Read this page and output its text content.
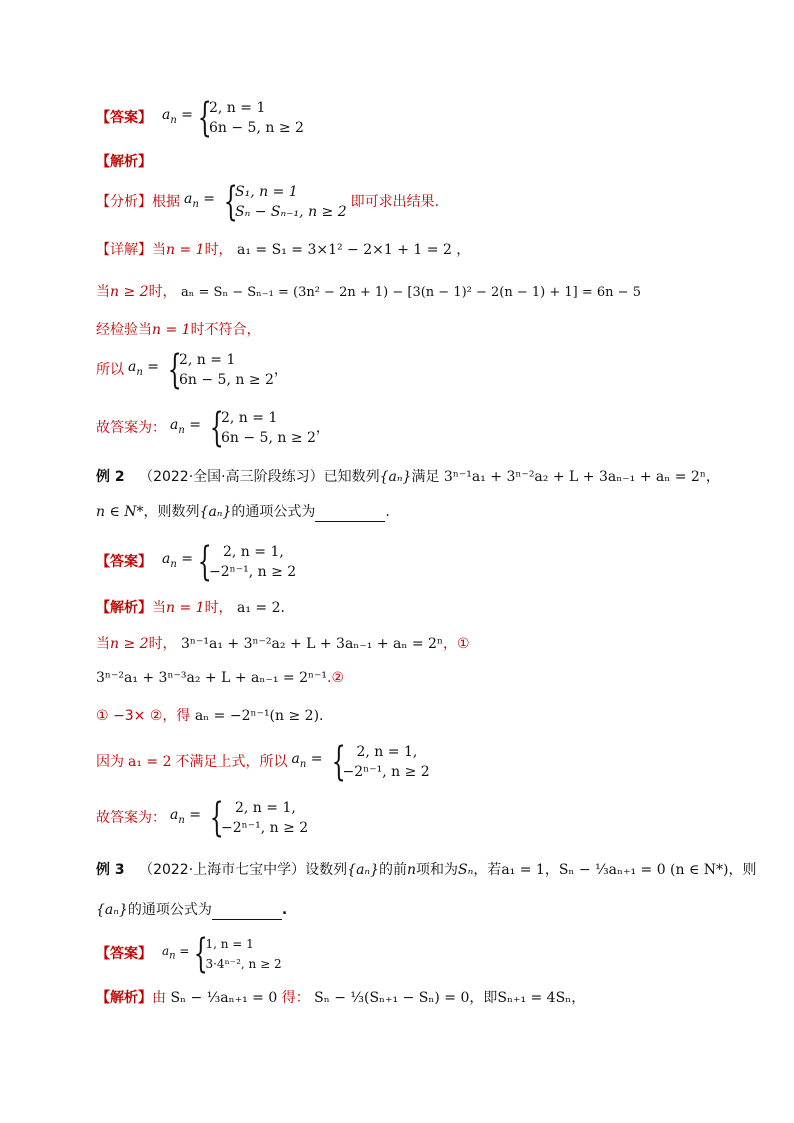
【答案】 $a_n$ = {
2, n = 1
6n − 5, n ≥ 2
【解析】
【分析】 根据 $a_n$ = {
S₁, n = 1
Sₙ − Sₙ₋₁, n ≥ 2
即可求出结果.
【详解】当n = 1时， a₁ = S₁ = 3×1² − 2×1 + 1 = 2 ，
当n ≥ 2时， aₙ = Sₙ − Sₙ₋₁ = (3n² − 2n + 1) − [3(n − 1)² − 2(n − 1) + 1] = 6n − 5
经检验当n = 1时不符合，
所以 $a_n$ = {
2, n = 1
6n − 5, n ≥ 2
，
故答案为： $a_n$ = {
2, n = 1
6n − 5, n ≥ 2
，
例 2 （2022·全国·高三阶段练习）已知数列{aₙ}满足 3ⁿ⁻¹a₁ + 3ⁿ⁻²a₂ + L + 3aₙ₋₁ + aₙ = 2ⁿ，
n ∈ N*，则数列{aₙ}的通项公式为	.
【答案】 $a_n$ = { 2, n = 1,
−2ⁿ⁻¹, n ≥ 2
【解析】当n = 1时， a₁ = 2.
当n ≥ 2时， 3ⁿ⁻¹a₁ + 3ⁿ⁻²a₂ + L + 3aₙ₋₁ + aₙ = 2ⁿ，①
3ⁿ⁻²a₁ + 3ⁿ⁻³a₂ + L + aₙ₋₁ = 2ⁿ⁻¹.②
① −3× ②，得 aₙ = −2ⁿ⁻¹(n ≥ 2).
因为 a₁ = 2 不满足上式，所以 $a_n$ = { 2, n = 1,
−2ⁿ⁻¹, n ≥ 2
故答案为： $a_n$ = { 2, n = 1,
−2ⁿ⁻¹, n ≥ 2
例 3 （2022·上海市七宝中学）设数列{aₙ}的前n项和为Sₙ，若a₁ = 1，Sₙ − ⅓aₙ₊₁ = 0 (n ∈ N*)，则
{aₙ}的通项公式为	.
【答案】 $a_n$ = {
1, n = 1
3·4ⁿ⁻², n ≥ 2
【解析】由 Sₙ − ⅓aₙ₊₁ = 0 得： Sₙ − ⅓(Sₙ₊₁ − Sₙ) = 0，即Sₙ₊₁ = 4Sₙ，
